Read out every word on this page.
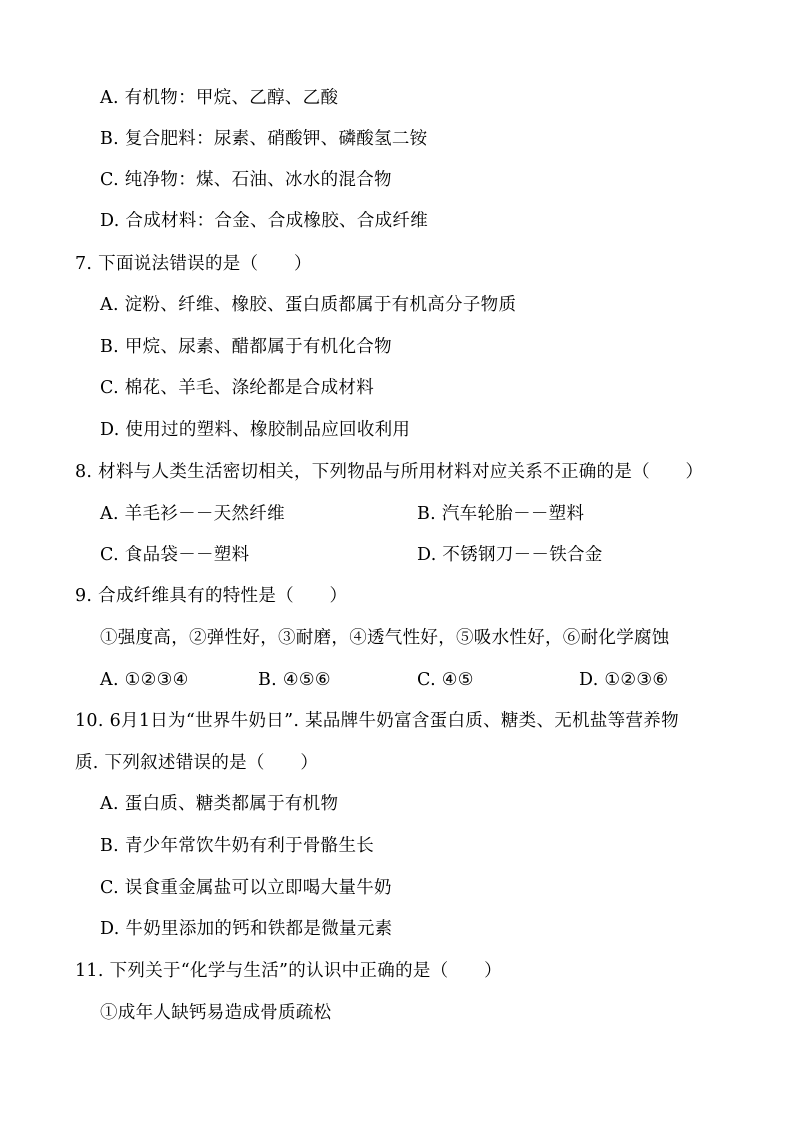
A. 有机物：甲烷、乙醇、乙酸
B. 复合肥料：尿素、硝酸钾、磷酸氢二铵
C. 纯净物：煤、石油、冰水的混合物
D. 合成材料：合金、合成橡胶、合成纤维
7. 下面说法错误的是（　　）
A. 淀粉、纤维、橡胶、蛋白质都属于有机高分子物质
B. 甲烷、尿素、醋都属于有机化合物
C. 棉花、羊毛、涤纶都是合成材料
D. 使用过的塑料、橡胶制品应回收利用
8. 材料与人类生活密切相关，下列物品与所用材料对应关系不正确的是（　　）
A. 羊毛衫－－天然纤维	B. 汽车轮胎－－塑料
C. 食品袋－－塑料	D. 不锈钢刀－－铁合金
9. 合成纤维具有的特性是（　　）
①强度高，②弹性好，③耐磨，④透气性好，⑤吸水性好，⑥耐化学腐蚀
A. ①②③④	B. ④⑤⑥	C. ④⑤	D. ①②③⑥
10. 6月1日为“世界牛奶日”. 某品牌牛奶富含蛋白质、糖类、无机盐等营养物
质. 下列叙述错误的是（　　）
A. 蛋白质、糖类都属于有机物
B. 青少年常饮牛奶有利于骨骼生长
C. 误食重金属盐可以立即喝大量牛奶
D. 牛奶里添加的钙和铁都是微量元素
11. 下列关于“化学与生活”的认识中正确的是（　　）
①成年人缺钙易造成骨质疏松
